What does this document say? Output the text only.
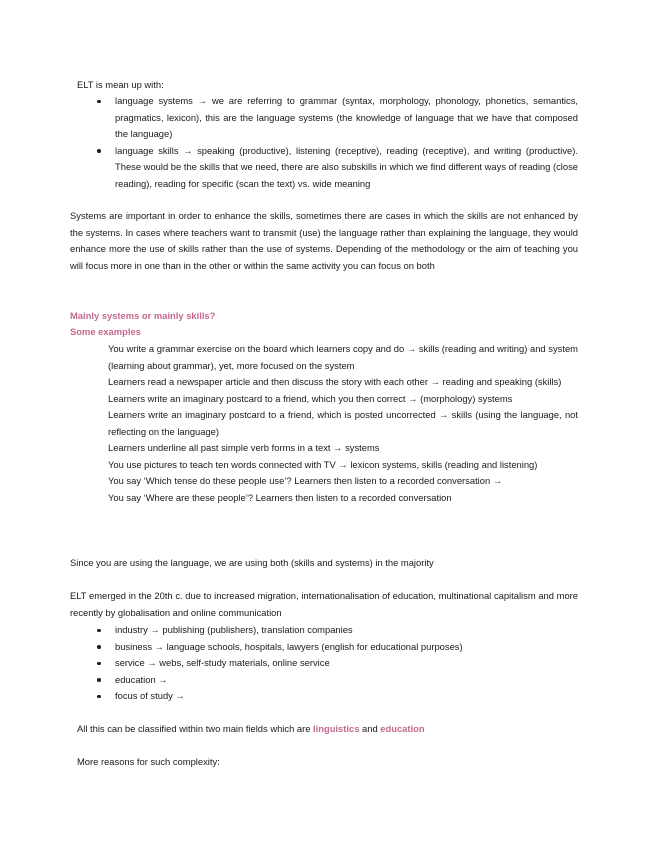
ELT is mean up with:

language systems → we are referring to grammar (syntax, morphology, phonology, phonetics, semantics, pragmatics, lexicon), this are the language systems (the knowledge of language that we have that composed the language)
language skills → speaking (productive), listening (receptive), reading (receptive), and writing (productive). These would be the skills that we need, there are also subskills in which we find different ways of reading (close reading), reading for specific (scan the text) vs. wide meaning

Systems are important in order to enhance the skills, sometimes there are cases in which the skills are not enhanced by the systems. In cases where teachers want to transmit (use) the language rather than explaining the language, they would enhance more the use of skills rather than the use of systems. Depending of the methodology or the aim of teaching you will focus more in one than in the other or within the same activity you can focus on both

Mainly systems or mainly skills?
Some examples
You write a grammar exercise on the board which learners copy and do → skills (reading and writing) and system (learning about grammar), yet, more focused on the system
Learners read a newspaper article and then discuss the story with each other → reading and speaking (skills)
Learners write an imaginary postcard to a friend, which you then correct → (morphology) systems
Learners write an imaginary postcard to a friend, which is posted uncorrected → skills (using the language, not reflecting on the language)
Learners underline all past simple verb forms in a text → systems
You use pictures to teach ten words connected with TV → lexicon systems, skills (reading and listening)
You say ‘Which tense do these people use’? Learners then listen to a recorded conversation →
You say ‘Where are these people’? Learners then listen to a recorded conversation

Since you are using the language, we are using both (skills and systems) in the majority

ELT emerged in the 20th c. due to increased migration, internationalisation of education, multinational capitalism and more recently by globalisation and online communication

industry → publishing (publishers), translation companies
business → language schools, hospitals, lawyers (english for educational purposes)
service → webs, self-study materials, online service
education →
focus of study →

All this can be classified within two main fields which are linguistics and education

More reasons for such complexity:
